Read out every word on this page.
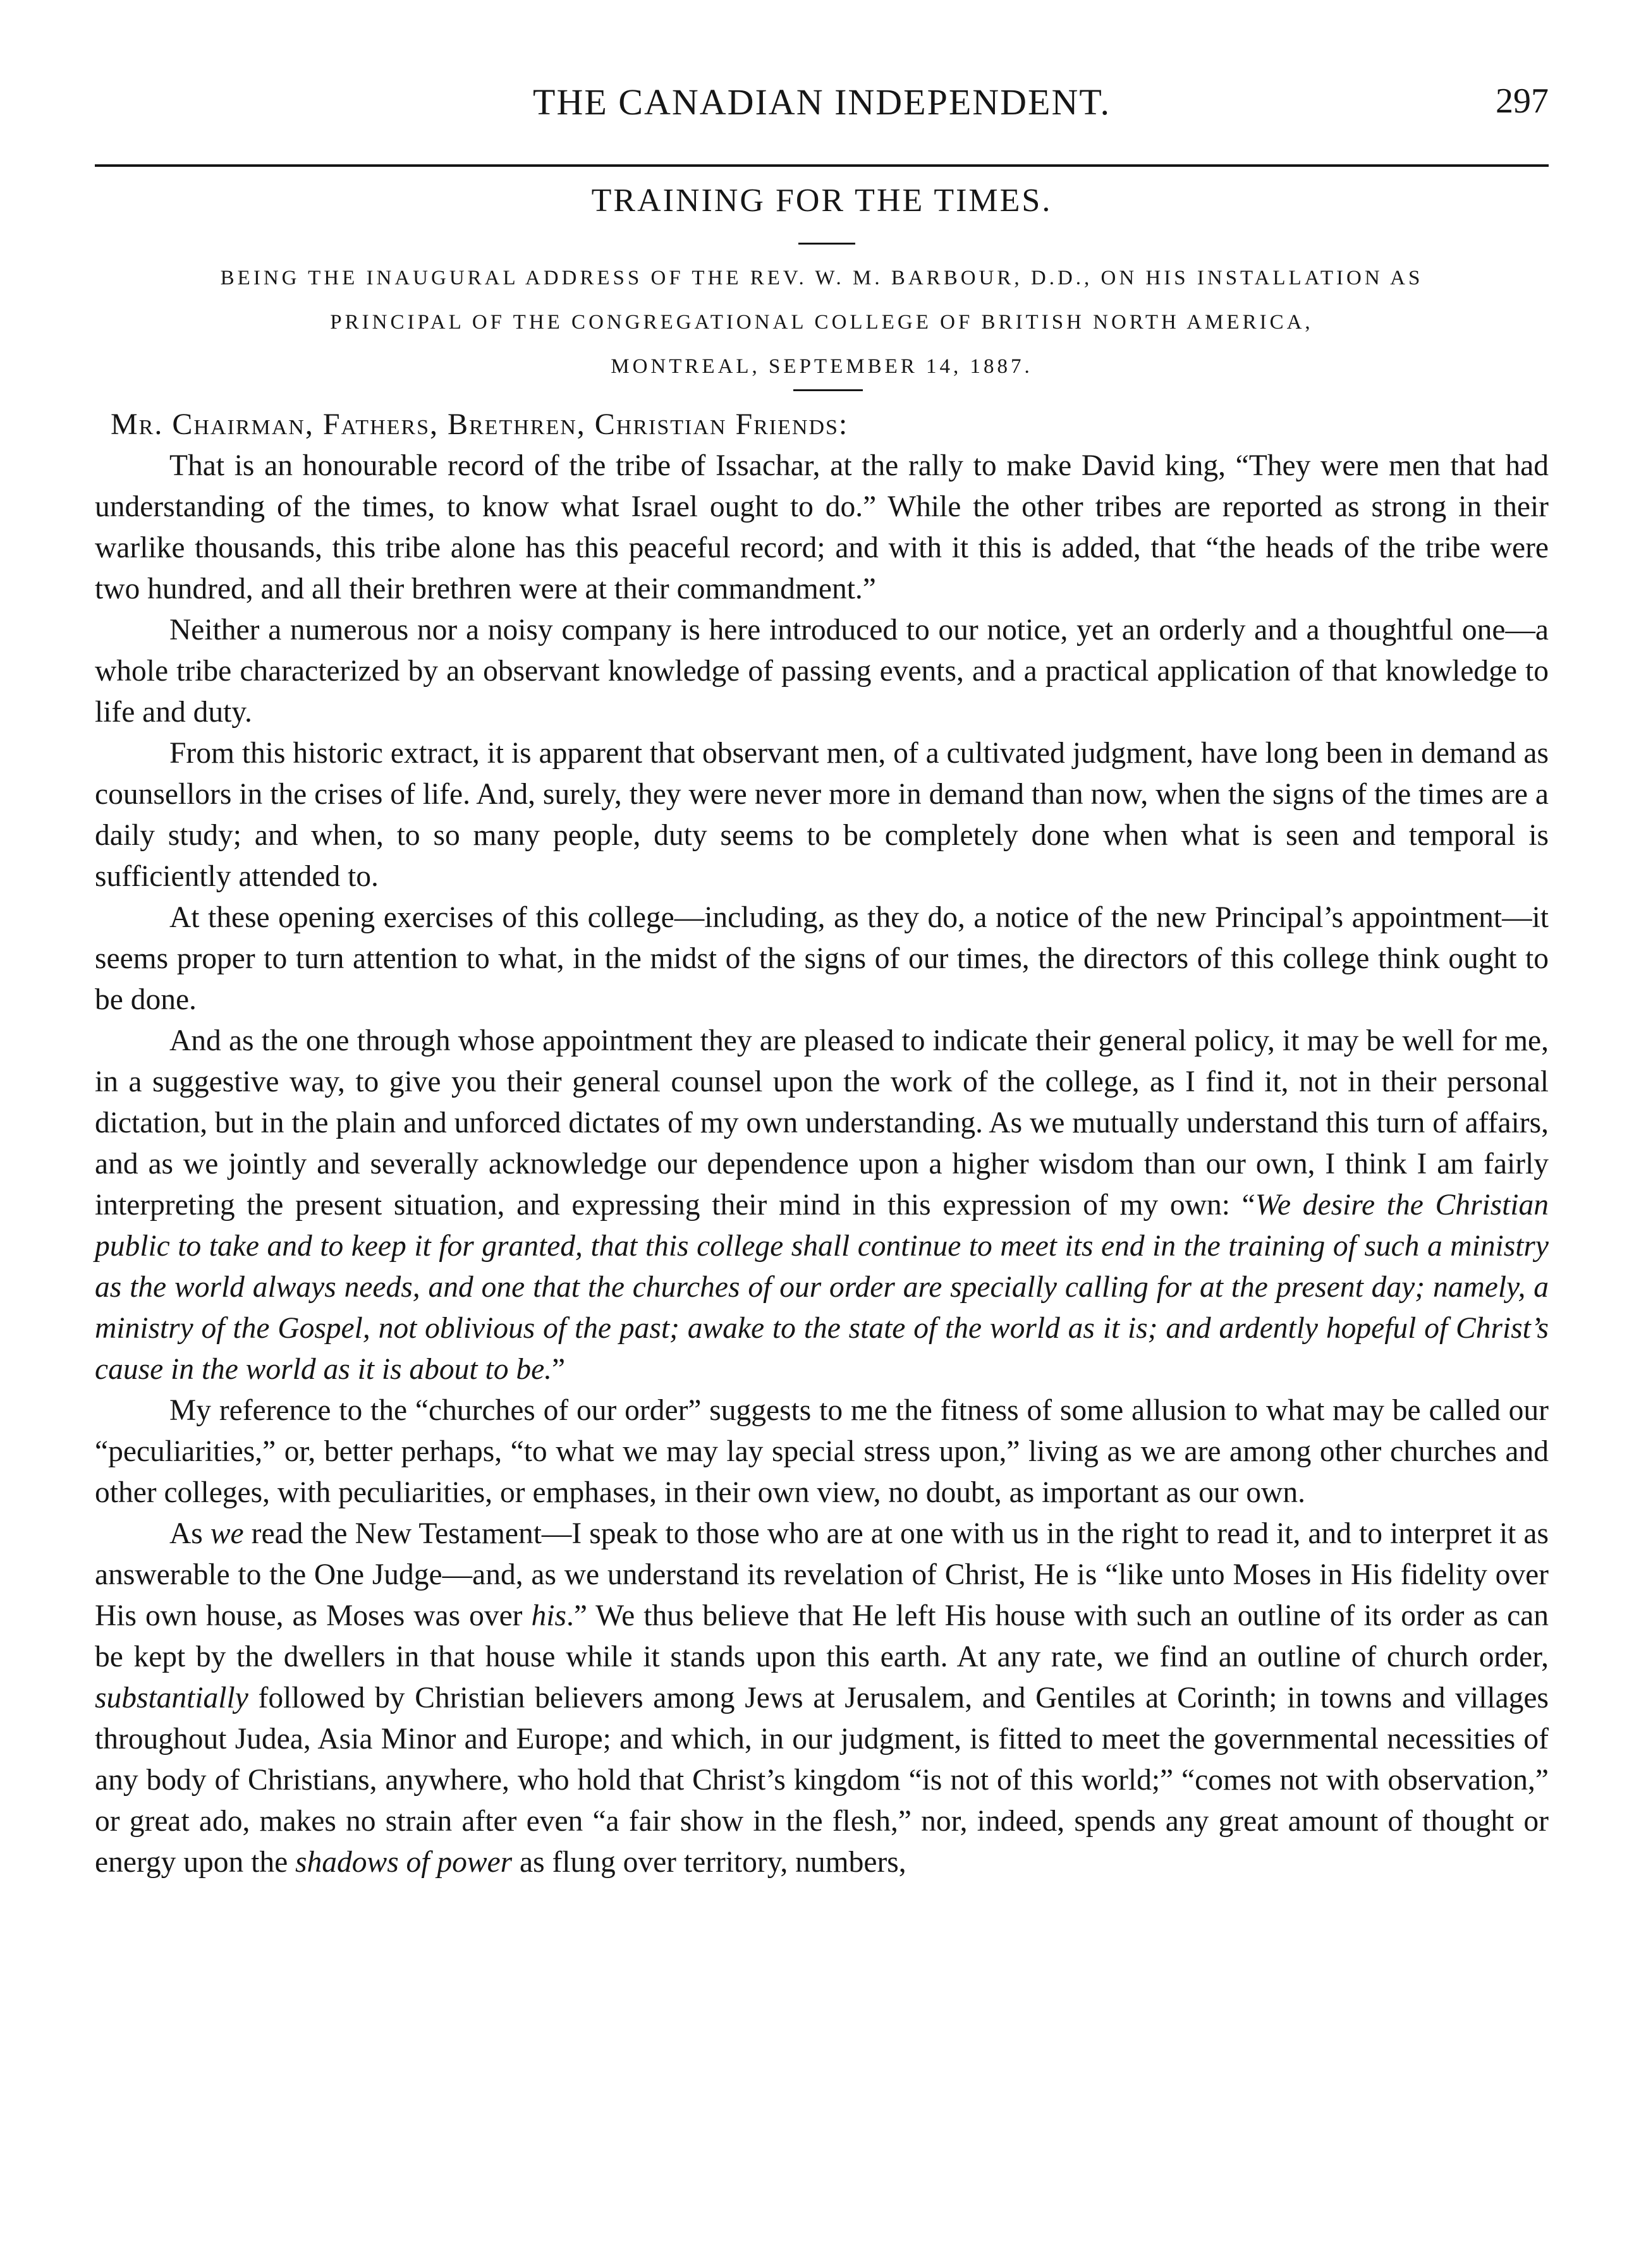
THE CANADIAN INDEPENDENT.	297
TRAINING FOR THE TIMES.
BEING THE INAUGURAL ADDRESS OF THE REV. W. M. BARBOUR, D.D., ON HIS INSTALLATION AS
PRINCIPAL OF THE CONGREGATIONAL COLLEGE OF BRITISH NORTH AMERICA,
MONTREAL, SEPTEMBER 14, 1887.
Mr. Chairman, Fathers, Brethren, Christian Friends:

That is an honourable record of the tribe of Issachar, at the rally to make David king, “They were men that had understanding of the times, to know what Israel ought to do.” While the other tribes are reported as strong in their warlike thousands, this tribe alone has this peaceful record; and with it this is added, that “the heads of the tribe were two hundred, and all their brethren were at their commandment.”

Neither a numerous nor a noisy company is here introduced to our notice, yet an orderly and a thoughtful one—a whole tribe characterized by an observant knowledge of passing events, and a practical application of that knowledge to life and duty.

From this historic extract, it is apparent that observant men, of a cultivated judgment, have long been in demand as counsellors in the crises of life. And, surely, they were never more in demand than now, when the signs of the times are a daily study; and when, to so many people, duty seems to be completely done when what is seen and temporal is sufficiently attended to.

At these opening exercises of this college—including, as they do, a notice of the new Principal’s appointment—it seems proper to turn attention to what, in the midst of the signs of our times, the directors of this college think ought to be done.

And as the one through whose appointment they are pleased to indicate their general policy, it may be well for me, in a suggestive way, to give you their general counsel upon the work of the college, as I find it, not in their personal dictation, but in the plain and unforced dictates of my own understanding. As we mutually understand this turn of affairs, and as we jointly and severally acknowledge our dependence upon a higher wisdom than our own, I think I am fairly interpreting the present situation, and expressing their mind in this expression of my own: “We desire the Christian public to take and to keep it for granted, that this college shall continue to meet its end in the training of such a ministry as the world always needs, and one that the churches of our order are specially calling for at the present day; namely, a ministry of the Gospel, not oblivious of the past; awake to the state of the world as it is; and ardently hopeful of Christ’s cause in the world as it is about to be.”

My reference to the “churches of our order” suggests to me the fitness of some allusion to what may be called our “peculiarities,” or, better perhaps, “to what we may lay special stress upon,” living as we are among other churches and other colleges, with peculiarities, or emphases, in their own view, no doubt, as important as our own.

As we read the New Testament—I speak to those who are at one with us in the right to read it, and to interpret it as answerable to the One Judge—and, as we understand its revelation of Christ, He is “like unto Moses in His fidelity over His own house, as Moses was over his.” We thus believe that He left His house with such an outline of its order as can be kept by the dwellers in that house while it stands upon this earth. At any rate, we find an outline of church order, substantially followed by Christian believers among Jews at Jerusalem, and Gentiles at Corinth; in towns and villages throughout Judea, Asia Minor and Europe; and which, in our judgment, is fitted to meet the governmental necessities of any body of Christians, anywhere, who hold that Christ’s kingdom “is not of this world;” “comes not with observation,” or great ado, makes no strain after even “a fair show in the flesh,” nor, indeed, spends any great amount of thought or energy upon the shadows of power as flung over territory, numbers,
